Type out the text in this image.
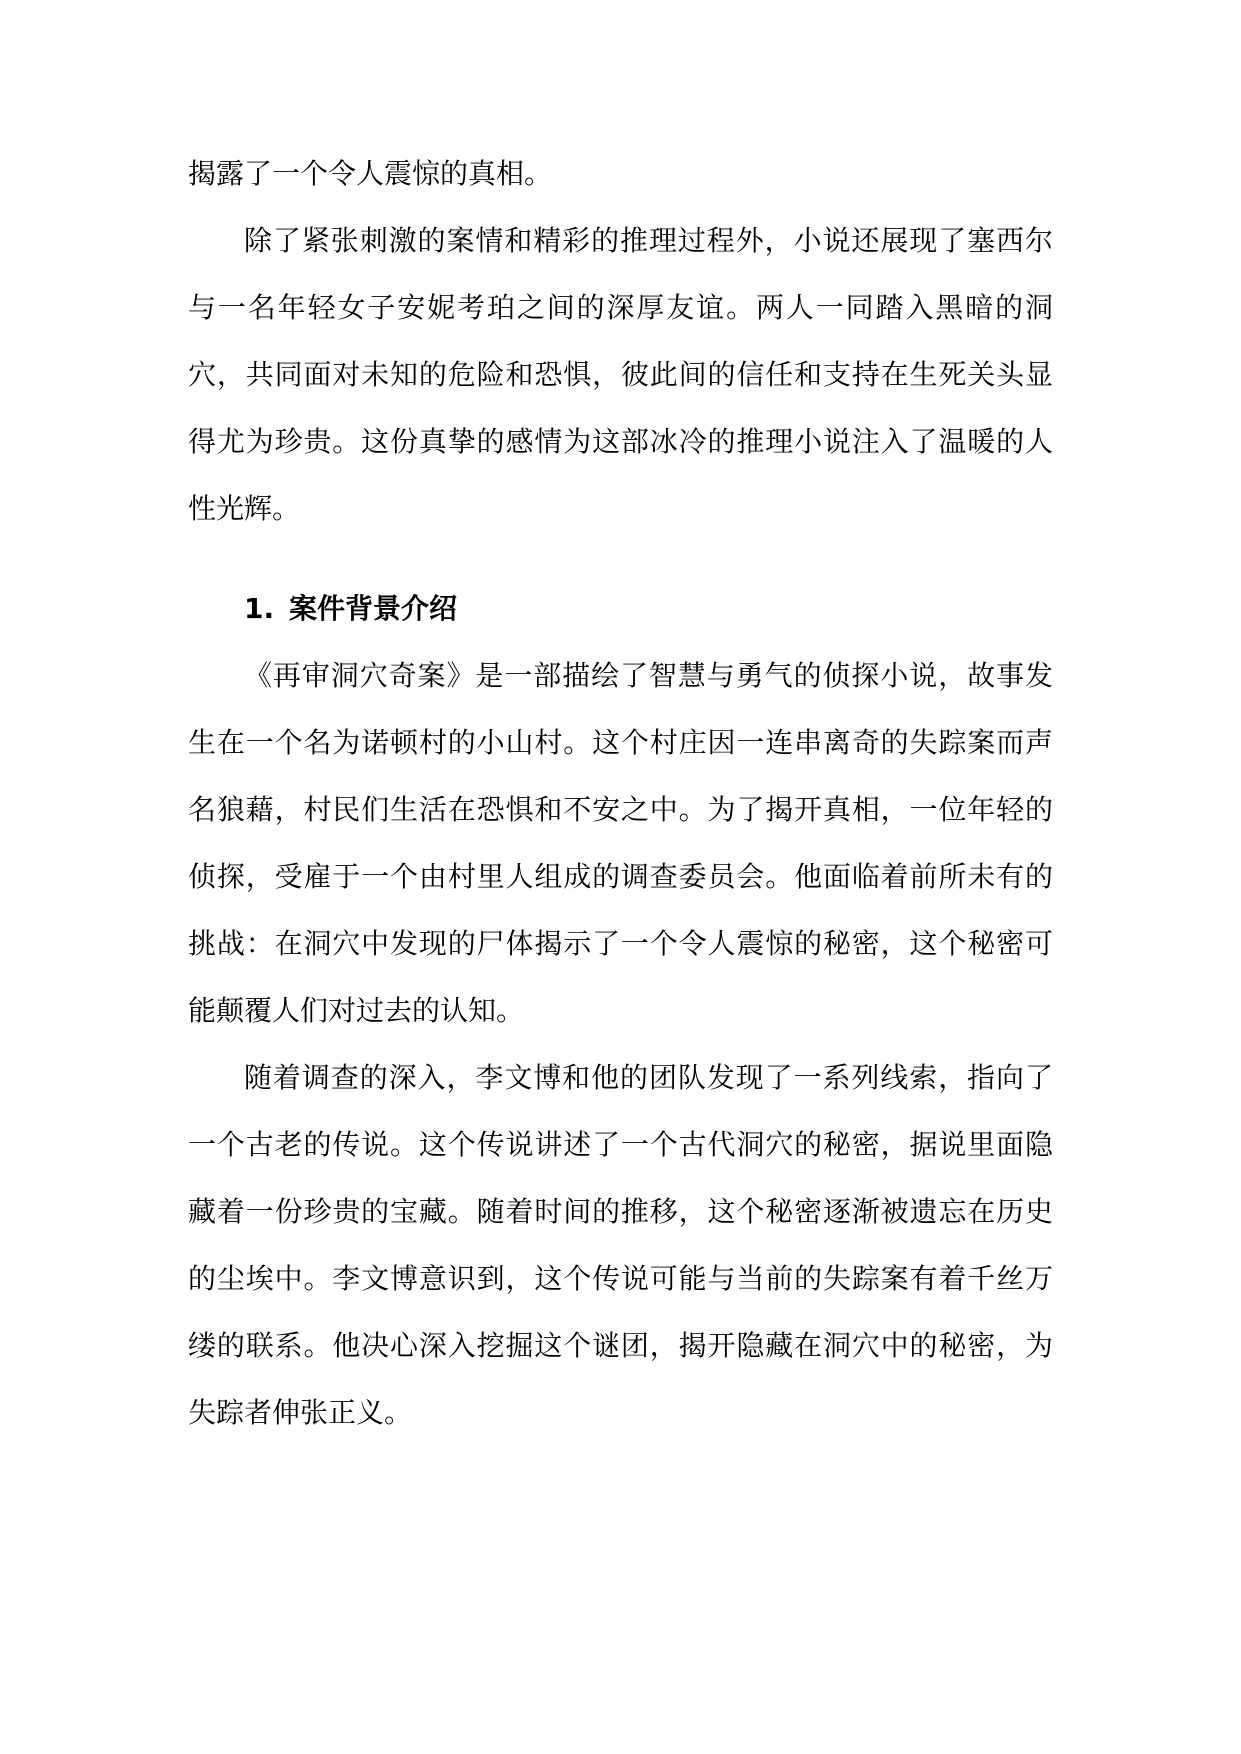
揭露了一个令人震惊的真相。

除了紧张刺激的案情和精彩的推理过程外，小说还展现了塞西尔与一名年轻女子安妮考珀之间的深厚友谊。两人一同踏入黑暗的洞穴，共同面对未知的危险和恐惧，彼此间的信任和支持在生死关头显得尤为珍贵。这份真挚的感情为这部冰冷的推理小说注入了温暖的人性光辉。

1. 案件背景介绍

《再审洞穴奇案》是一部描绘了智慧与勇气的侦探小说，故事发生在一个名为诺顿村的小山村。这个村庄因一连串离奇的失踪案而声名狼藉，村民们生活在恐惧和不安之中。为了揭开真相，一位年轻的侦探，受雇于一个由村里人组成的调查委员会。他面临着前所未有的挑战：在洞穴中发现的尸体揭示了一个令人震惊的秘密，这个秘密可能颠覆人们对过去的认知。

随着调查的深入，李文博和他的团队发现了一系列线索，指向了一个古老的传说。这个传说讲述了一个古代洞穴的秘密，据说里面隐藏着一份珍贵的宝藏。随着时间的推移，这个秘密逐渐被遗忘在历史的尘埃中。李文博意识到，这个传说可能与当前的失踪案有着千丝万缕的联系。他决心深入挖掘这个谜团，揭开隐藏在洞穴中的秘密，为失踪者伸张正义。
